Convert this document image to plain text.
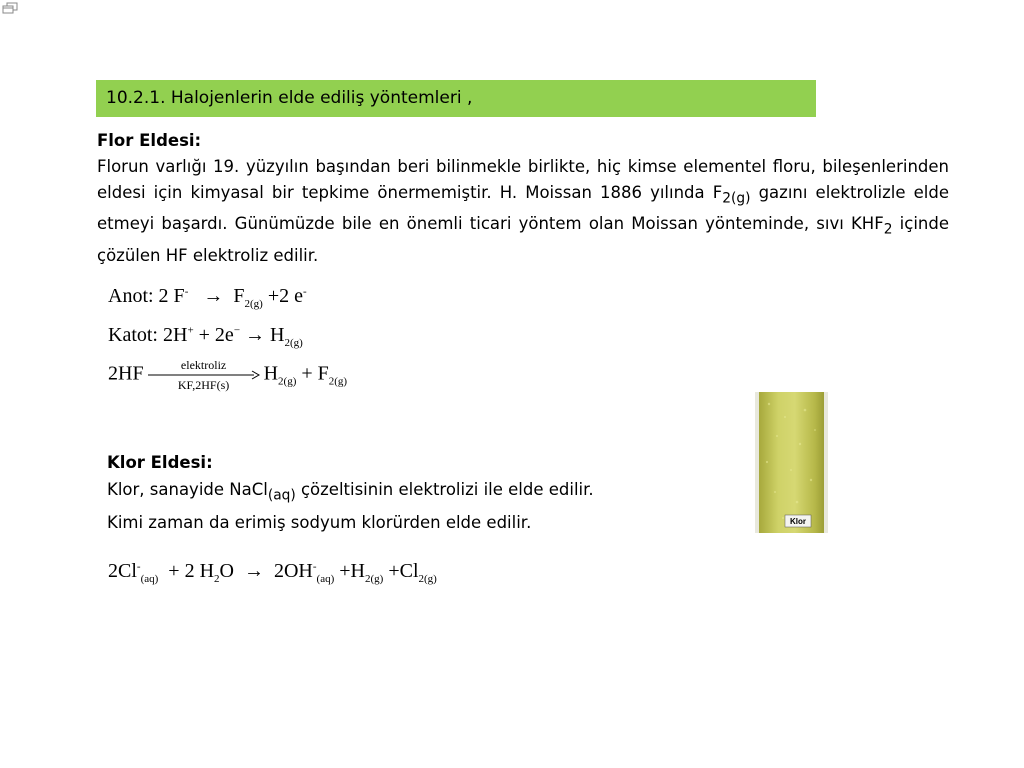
10.2.1. Halojenlerin elde ediliş yöntemleri ,
Flor Eldesi:
Florun varlığı 19. yüzyılın başından beri bilinmekle birlikte, hiç kimse elementel floru, bileşenlerinden eldesi için kimyasal bir tepkime önermemiştir. H. Moissan 1886 yılında $F_{2(g)}$ gazını elektrolizle elde etmeyi başardı. Günümüzde bile en önemli ticari yöntem olan Moissan yönteminde, sıvı $KHF_2$ içinde çözülen HF elektroliz edilir.
Anot: 2 $F^- \to F_{2(g)} +2$ e-
Katot: $2H^+ + 2e^- \to H_{2(g)}$
2HF	elektroliz
KF,2HF(s)
$H_{2(g)} + F_{2(g)}$
Klor Eldesi:
Klor, sanayide NaCl$_{(aq)}$ çözeltisinin elektrolizi ile elde edilir.
Kimi zaman da erimiş sodyum klorürden elde edilir.
$2Cl^-_{(aq)} + 2$ $H_2O \to 2OH^-_{(aq)} +H_{2(g)} +Cl_{2(g)}$
Klor
